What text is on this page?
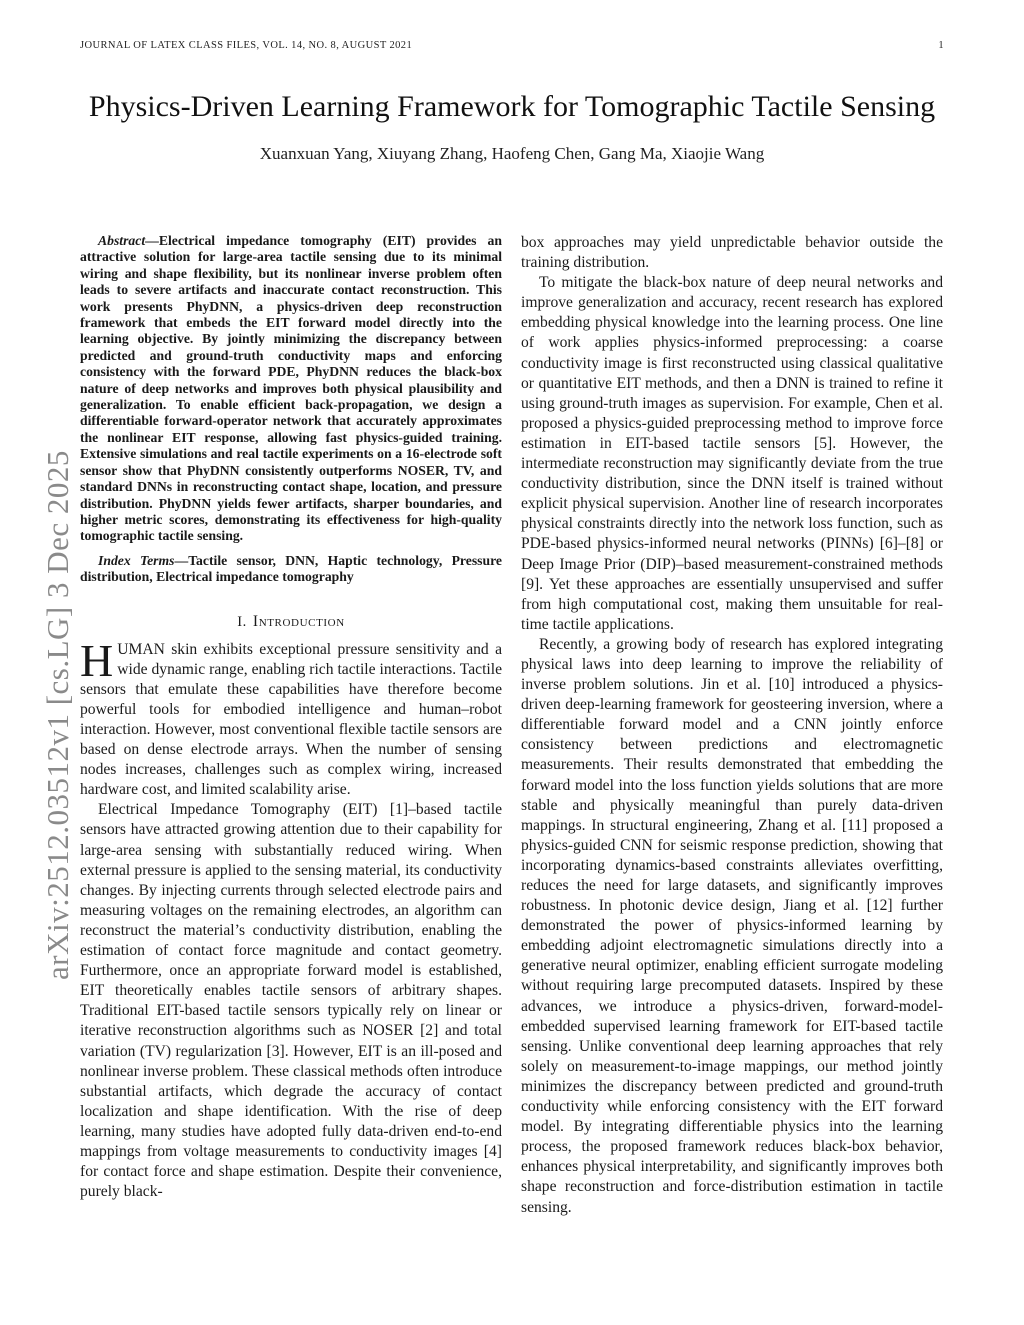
JOURNAL OF LATEX CLASS FILES, VOL. 14, NO. 8, AUGUST 2021	1
arXiv:2512.03512v1 [cs.LG] 3 Dec 2025
Physics-Driven Learning Framework for Tomographic Tactile Sensing
Xuanxuan Yang, Xiuyang Zhang, Haofeng Chen, Gang Ma, Xiaojie Wang

Abstract—Electrical impedance tomography (EIT) provides an attractive solution for large-area tactile sensing due to its minimal wiring and shape flexibility, but its nonlinear inverse problem often leads to severe artifacts and inaccurate contact reconstruction. This work presents PhyDNN, a physics-driven deep reconstruction framework that embeds the EIT forward model directly into the learning objective. By jointly minimizing the discrepancy between predicted and ground-truth conductivity maps and enforcing consistency with the forward PDE, PhyDNN reduces the black-box nature of deep networks and improves both physical plausibility and generalization. To enable efficient back-propagation, we design a differentiable forward-operator network that accurately approximates the nonlinear EIT response, allowing fast physics-guided training. Extensive simulations and real tactile experiments on a 16-electrode soft sensor show that PhyDNN consistently outperforms NOSER, TV, and standard DNNs in reconstructing contact shape, location, and pressure distribution. PhyDNN yields fewer artifacts, sharper boundaries, and higher metric scores, demonstrating its effectiveness for high-quality tomographic tactile sensing.

Index Terms—Tactile sensor, DNN, Haptic technology, Pressure distribution, Electrical impedance tomography

I. Introduction

HUMAN skin exhibits exceptional pressure sensitivity and a wide dynamic range, enabling rich tactile interactions. Tactile sensors that emulate these capabilities have therefore become powerful tools for embodied intelligence and human–robot interaction. However, most conventional flexible tactile sensors are based on dense electrode arrays. When the number of sensing nodes increases, challenges such as complex wiring, increased hardware cost, and limited scalability arise.

Electrical Impedance Tomography (EIT) [1]–based tactile sensors have attracted growing attention due to their capability for large-area sensing with substantially reduced wiring. When external pressure is applied to the sensing material, its conductivity changes. By injecting currents through selected electrode pairs and measuring voltages on the remaining electrodes, an algorithm can reconstruct the material’s conductivity distribution, enabling the estimation of contact force magnitude and contact geometry. Furthermore, once an appropriate forward model is established, EIT theoretically enables tactile sensors of arbitrary shapes. Traditional EIT-based tactile sensors typically rely on linear or iterative reconstruction algorithms such as NOSER [2] and total variation (TV) regularization [3]. However, EIT is an ill-posed and nonlinear inverse problem. These classical methods often introduce substantial artifacts, which degrade the accuracy of contact localization and shape identification. With the rise of deep learning, many studies have adopted fully data-driven end-to-end mappings from voltage measurements to conductivity images [4] for contact force and shape estimation. Despite their convenience, purely black-

box approaches may yield unpredictable behavior outside the training distribution.

To mitigate the black-box nature of deep neural networks and improve generalization and accuracy, recent research has explored embedding physical knowledge into the learning process. One line of work applies physics-informed preprocessing: a coarse conductivity image is first reconstructed using classical qualitative or quantitative EIT methods, and then a DNN is trained to refine it using ground-truth images as supervision. For example, Chen et al. proposed a physics-guided preprocessing method to improve force estimation in EIT-based tactile sensors [5]. However, the intermediate reconstruction may significantly deviate from the true conductivity distribution, since the DNN itself is trained without explicit physical supervision. Another line of research incorporates physical constraints directly into the network loss function, such as PDE-based physics-informed neural networks (PINNs) [6]–[8] or Deep Image Prior (DIP)–based measurement-constrained methods [9]. Yet these approaches are essentially unsupervised and suffer from high computational cost, making them unsuitable for real-time tactile applications.

Recently, a growing body of research has explored integrating physical laws into deep learning to improve the reliability of inverse problem solutions. Jin et al. [10] introduced a physics-driven deep-learning framework for geosteering inversion, where a differentiable forward model and a CNN jointly enforce consistency between predictions and electromagnetic measurements. Their results demonstrated that embedding the forward model into the loss function yields solutions that are more stable and physically meaningful than purely data-driven mappings. In structural engineering, Zhang et al. [11] proposed a physics-guided CNN for seismic response prediction, showing that incorporating dynamics-based constraints alleviates overfitting, reduces the need for large datasets, and significantly improves robustness. In photonic device design, Jiang et al. [12] further demonstrated the power of physics-informed learning by embedding adjoint electromagnetic simulations directly into a generative neural optimizer, enabling efficient surrogate modeling without requiring large precomputed datasets. Inspired by these advances, we introduce a physics-driven, forward-model-embedded supervised learning framework for EIT-based tactile sensing. Unlike conventional deep learning approaches that rely solely on measurement-to-image mappings, our method jointly minimizes the discrepancy between predicted and ground-truth conductivity while enforcing consistency with the EIT forward model. By integrating differentiable physics into the learning process, the proposed framework reduces black-box behavior, enhances physical interpretability, and significantly improves both shape reconstruction and force-distribution estimation in tactile sensing.
